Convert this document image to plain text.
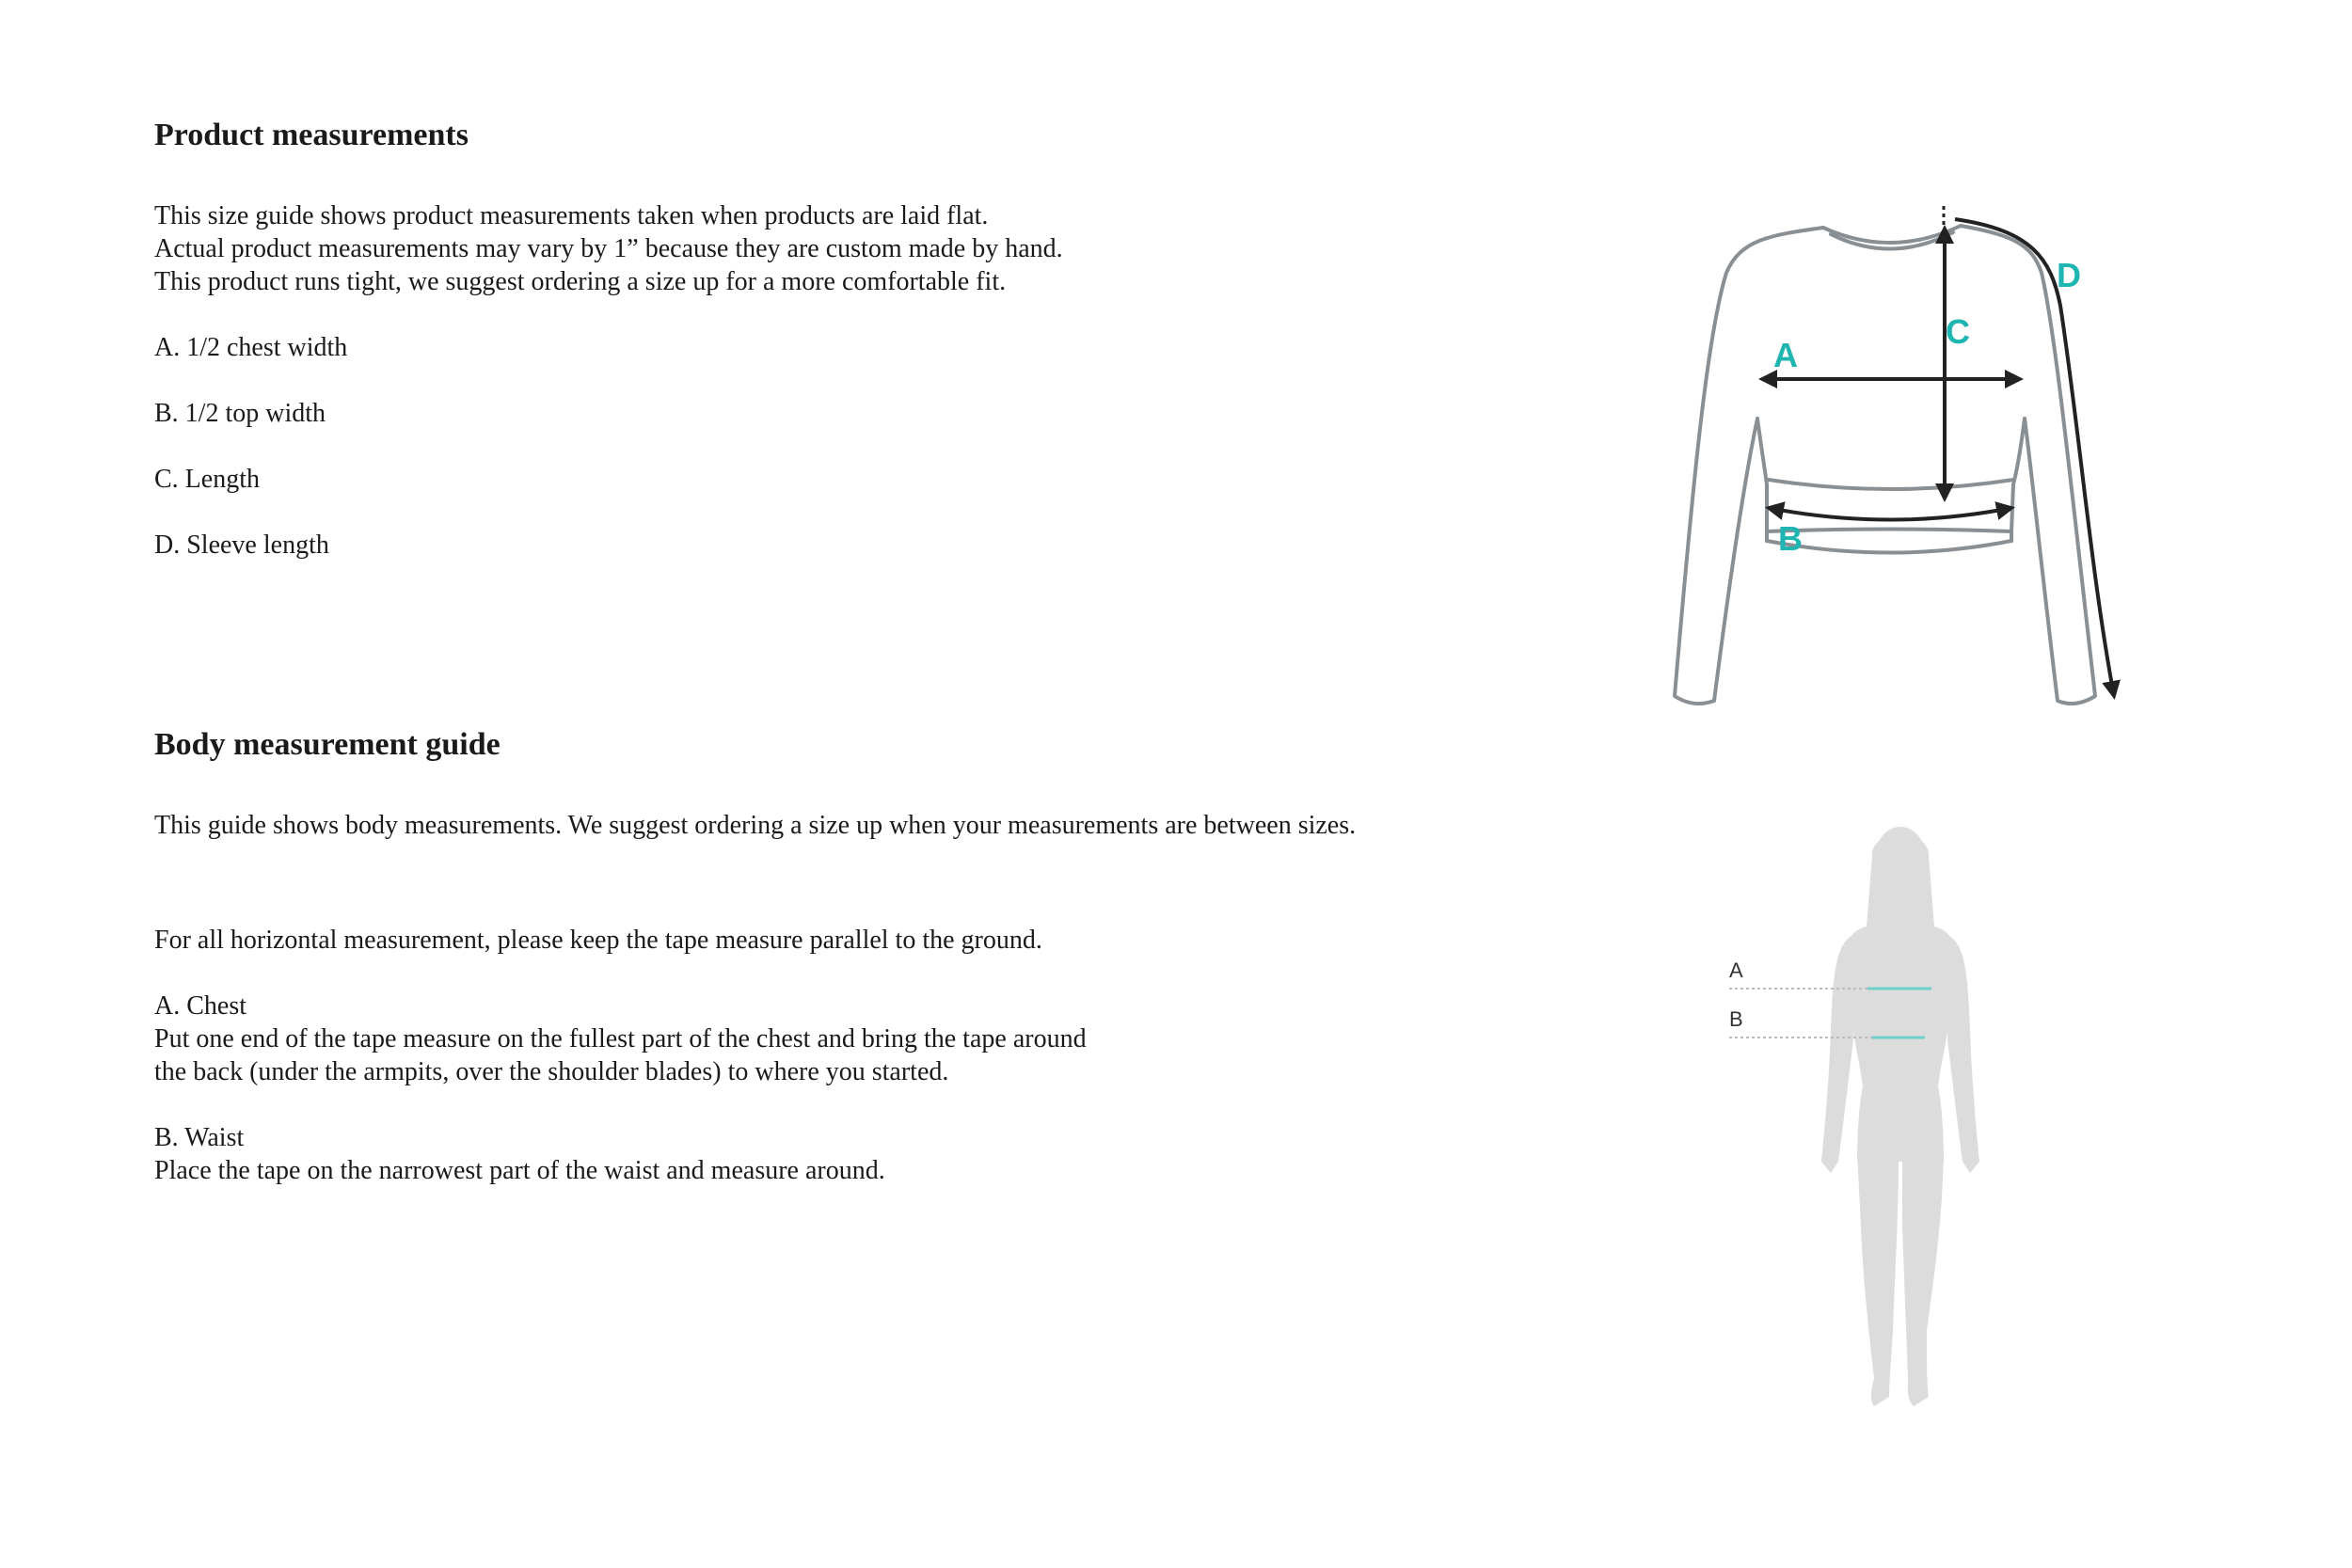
Product measurements

This size guide shows product measurements taken when products are laid flat.
Actual product measurements may vary by 1” because they are custom made by hand.
This product runs tight, we suggest ordering a size up for a more comfortable fit.

A. 1/2 chest width

B. 1/2 top width

C. Length

D. Sleeve length

A
B
C
D
Body measurement guide

This guide shows body measurements. We suggest ordering a size up when your measurements are between sizes.

For all horizontal measurement, please keep the tape measure parallel to the ground.

A. Chest
Put one end of the tape measure on the fullest part of the chest and bring the tape around
the back (under the armpits, over the shoulder blades) to where you started.

B. Waist
Place the tape on the narrowest part of the waist and measure around.

A
B
